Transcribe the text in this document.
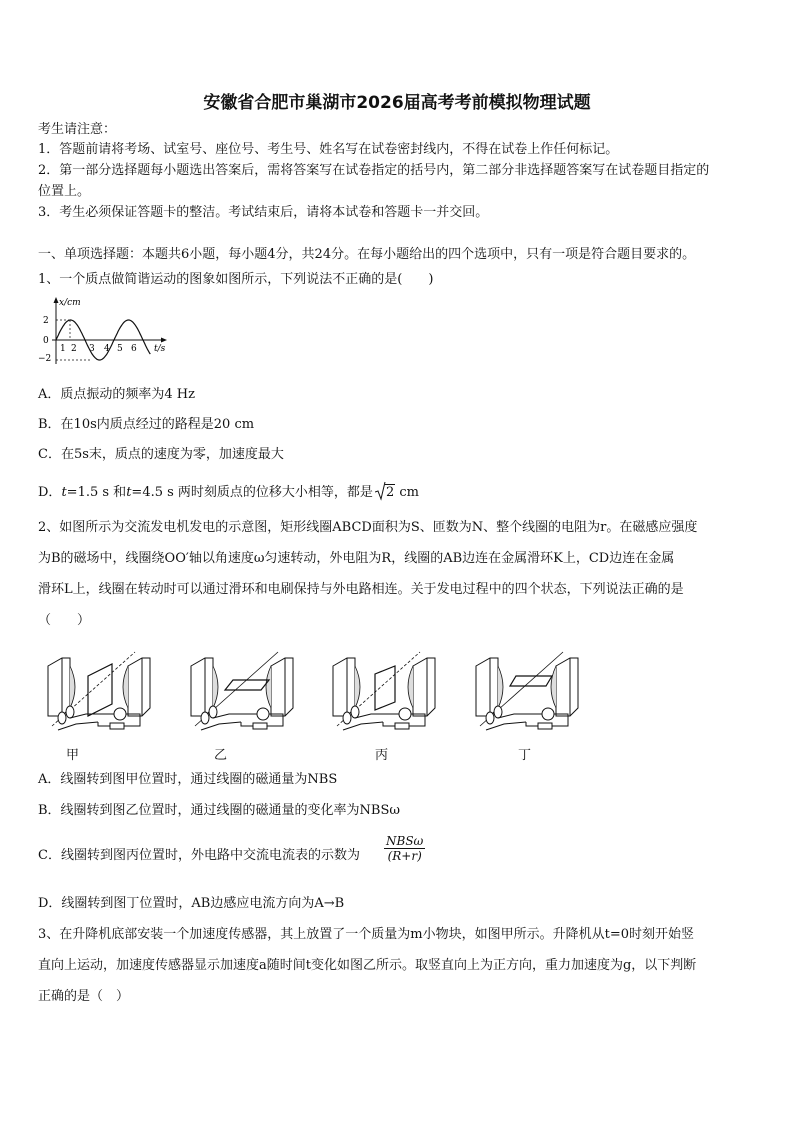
安徽省合肥市巢湖市2026届高考考前模拟物理试题
考生请注意：
1．答题前请将考场、试室号、座位号、考生号、姓名写在试卷密封线内，不得在试卷上作任何标记。
2．第一部分选择题每小题选出答案后，需将答案写在试卷指定的括号内，第二部分非选择题答案写在试卷题目指定的
位置上。
3．考生必须保证答题卡的整洁。考试结束后，请将本试卷和答题卡一并交回。
一、单项选择题：本题共6小题，每小题4分，共24分。在每小题给出的四个选项中，只有一项是符合题目要求的。
1、一个质点做简谐运动的图象如图所示，下列说法不正确的是(　　)
x/cm
t/s
2
0
−2
1 2 3 4 5 6
A．质点振动的频率为4 Hz
B．在10s内质点经过的路程是20 cm
C．在5s末，质点的速度为零，加速度最大
D．t=1.5 s 和t=4.5 s 两时刻质点的位移大小相等，都是 2 cm
2、如图所示为交流发电机发电的示意图，矩形线圈ABCD面积为S、匝数为N、整个线圈的电阻为r。在磁感应强度
为B的磁场中，线圈绕OO′轴以角速度ω匀速转动，外电阻为R，线圈的AB边连在金属滑环K上，CD边连在金属
滑环L上，线圈在转动时可以通过滑环和电刷保持与外电路相连。关于发电过程中的四个状态，下列说法正确的是
（　　）
甲	乙	丙	丁
A．线圈转到图甲位置时，通过线圈的磁通量为NBS
B．线圈转到图乙位置时，通过线圈的磁通量的变化率为NBSω
C．线圈转到图丙位置时，外电路中交流电流表的示数为
NBSω
(R+r)
D．线圈转到图丁位置时，AB边感应电流方向为A→B
3、在升降机底部安装一个加速度传感器，其上放置了一个质量为m小物块，如图甲所示。升降机从t=0时刻开始竖
直向上运动，加速度传感器显示加速度a随时间t变化如图乙所示。取竖直向上为正方向，重力加速度为g，以下判断
正确的是（　）
